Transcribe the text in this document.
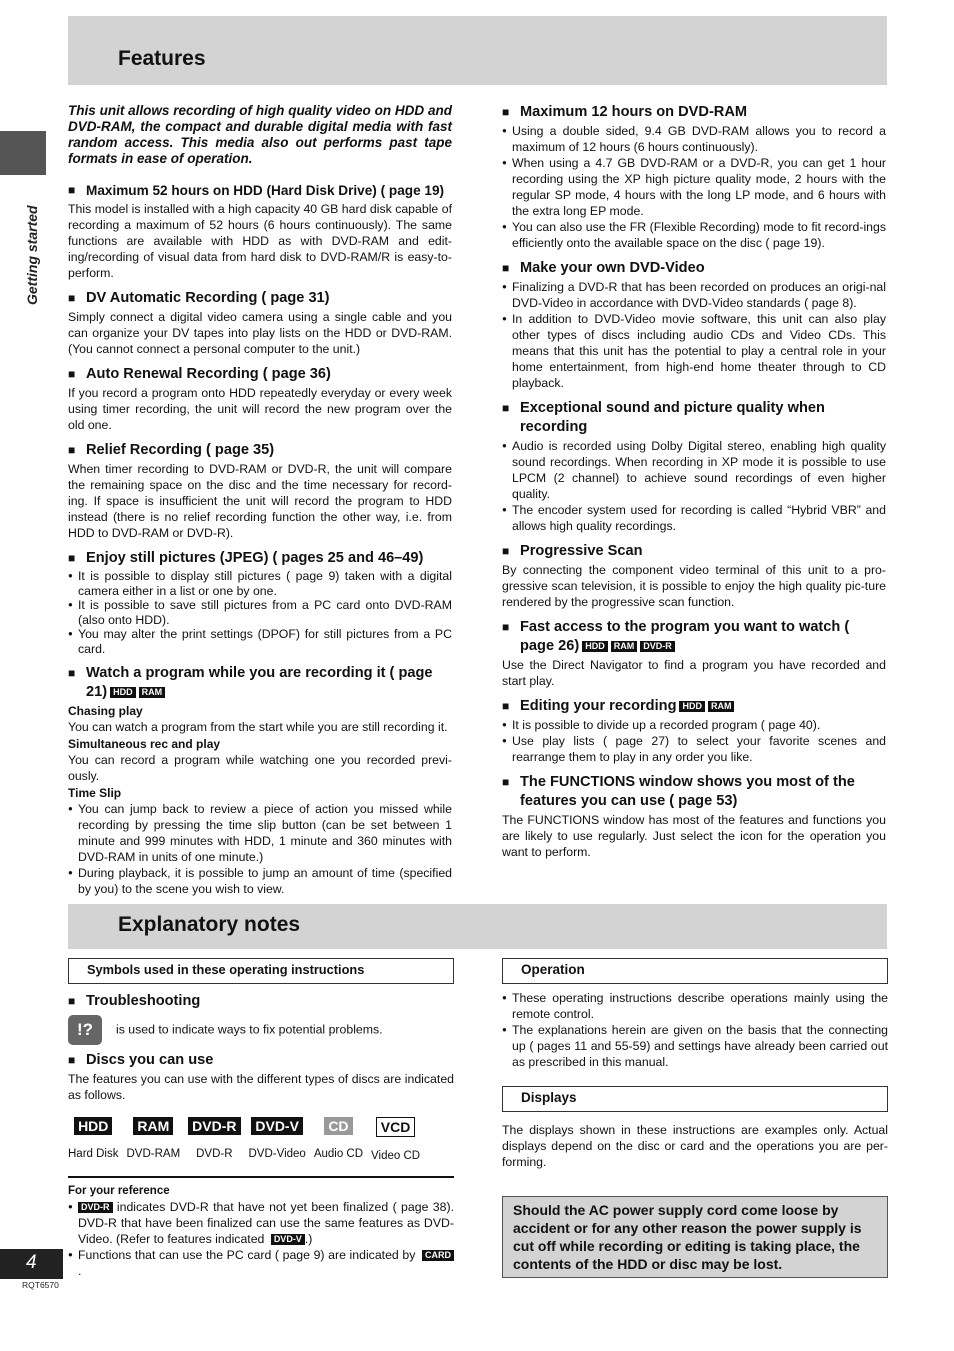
Features
Getting started

This unit allows recording of high quality video on HDD and DVD-RAM, the compact and durable digital media with fast random access. This media also out performs past tape formats in ease of operation.

■ Maximum 52 hours on HDD (Hard Disk Drive) ( page 19)

This model is installed with a high capacity 40 GB hard disk capable of recording a maximum of 52 hours (6 hours continuously). The same functions are available with HDD as with DVD-RAM and edit-ing/recording of visual data from hard disk to DVD-RAM/R is easy-to-perform.

■ DV Automatic Recording ( page 31)

Simply connect a digital video camera using a single cable and you can organize your DV tapes into play lists on the HDD or DVD-RAM. (You cannot connect a personal computer to the unit.)

■ Auto Renewal Recording ( page 36)

If you record a program onto HDD repeatedly everyday or every week using timer recording, the unit will record the new program over the old one.

■ Relief Recording ( page 35)

When timer recording to DVD-RAM or DVD-R, the unit will compare the remaining space on the disc and the time necessary for record-ing. If space is insufficient the unit will record the program to HDD instead (there is no relief recording function the other way, i.e. from HDD to DVD-RAM or DVD-R).

■ Enjoy still pictures (JPEG) ( pages 25 and 46–49)
● It is possible to display still pictures ( page 9) taken with a digital camera either in a list or one by one.
● It is possible to save still pictures from a PC card onto DVD-RAM (also onto HDD).
● You may alter the print settings (DPOF) for still pictures from a PC card.
■ Watch a program while you are recording it ( page 21) HDD RAM
Chasing play

You can watch a program from the start while you are still recording it.

Simultaneous rec and play

You can record a program while watching one you recorded previ-ously.

Time Slip
● You can jump back to review a piece of action you missed while recording by pressing the time slip button (can be set between 1 minute and 999 minutes with HDD, 1 minute and 360 minutes with DVD-RAM in units of one minute.)
● During playback, it is possible to jump an amount of time (specified by you) to the scene you wish to view.
■ Maximum 12 hours on DVD-RAM
● Using a double sided, 9.4 GB DVD-RAM allows you to record a maximum of 12 hours (6 hours continuously).
● When using a 4.7 GB DVD-RAM or a DVD-R, you can get 1 hour recording using the XP high picture quality mode, 2 hours with the regular SP mode, 4 hours with the long LP mode, and 6 hours with the extra long EP mode.
● You can also use the FR (Flexible Recording) mode to fit record-ings efficiently onto the available space on the disc ( page 19).
■ Make your own DVD-Video
● Finalizing a DVD-R that has been recorded on produces an origi-nal DVD-Video in accordance with DVD-Video standards ( page 8).
● In addition to DVD-Video movie software, this unit can also play other types of discs including audio CDs and Video CDs. This means that this unit has the potential to play a central role in your home entertainment, from high-end home theater through to CD playback.
■ Exceptional sound and picture quality when recording
● Audio is recorded using Dolby Digital stereo, enabling high quality sound recordings. When recording in XP mode it is possible to use LPCM (2 channel) to achieve sound recordings of even higher quality.
● The encoder system used for recording is called “Hybrid VBR” and allows high quality recordings.
■ Progressive Scan

By connecting the component video terminal of this unit to a pro-gressive scan television, it is possible to enjoy the high quality pic-ture rendered by the progressive scan function.

■ Fast access to the program you want to watch ( page 26) HDD RAM DVD-R

Use the Direct Navigator to find a program you have recorded and start play.

■ Editing your recording HDD RAM
● It is possible to divide up a recorded program ( page 40).
● Use play lists ( page 27) to select your favorite scenes and rearrange them to play in any order you like.
■ The FUNCTIONS window shows you most of the features you can use ( page 53)

The FUNCTIONS window has most of the features and functions you are likely to use regularly. Just select the icon for the operation you want to perform.

Explanatory notes
Symbols used in these operating instructions
■ Troubleshooting
!? is used to indicate ways to fix potential problems.
■ Discs you can use

The features you can use with the different types of discs are indicated as follows.

HDD
Hard Disk
RAM
DVD-RAM
DVD-R
DVD-R
DVD-V
DVD-Video
CD
Audio CD
VCD
Video CD
For your reference
● DVD-R indicates DVD-R that have not yet been finalized ( page 38). DVD-R that have been finalized can use the same features as DVD-Video. (Refer to features indicated DVD-V .)
● Functions that can use the PC card ( page 9) are indicated by CARD.
Operation
● These operating instructions describe operations mainly using the remote control.
● The explanations herein are given on the basis that the connecting up ( pages 11 and 55-59) and settings have already been carried out as prescribed in this manual.
Displays

The displays shown in these instructions are examples only. Actual displays depend on the disc or card and the operations you are per-forming.

Should the AC power supply cord come loose by accident or for any other reason the power supply is cut off while recording or editing is taking place, the contents of the HDD or disc may be lost.
4
RQT6570
